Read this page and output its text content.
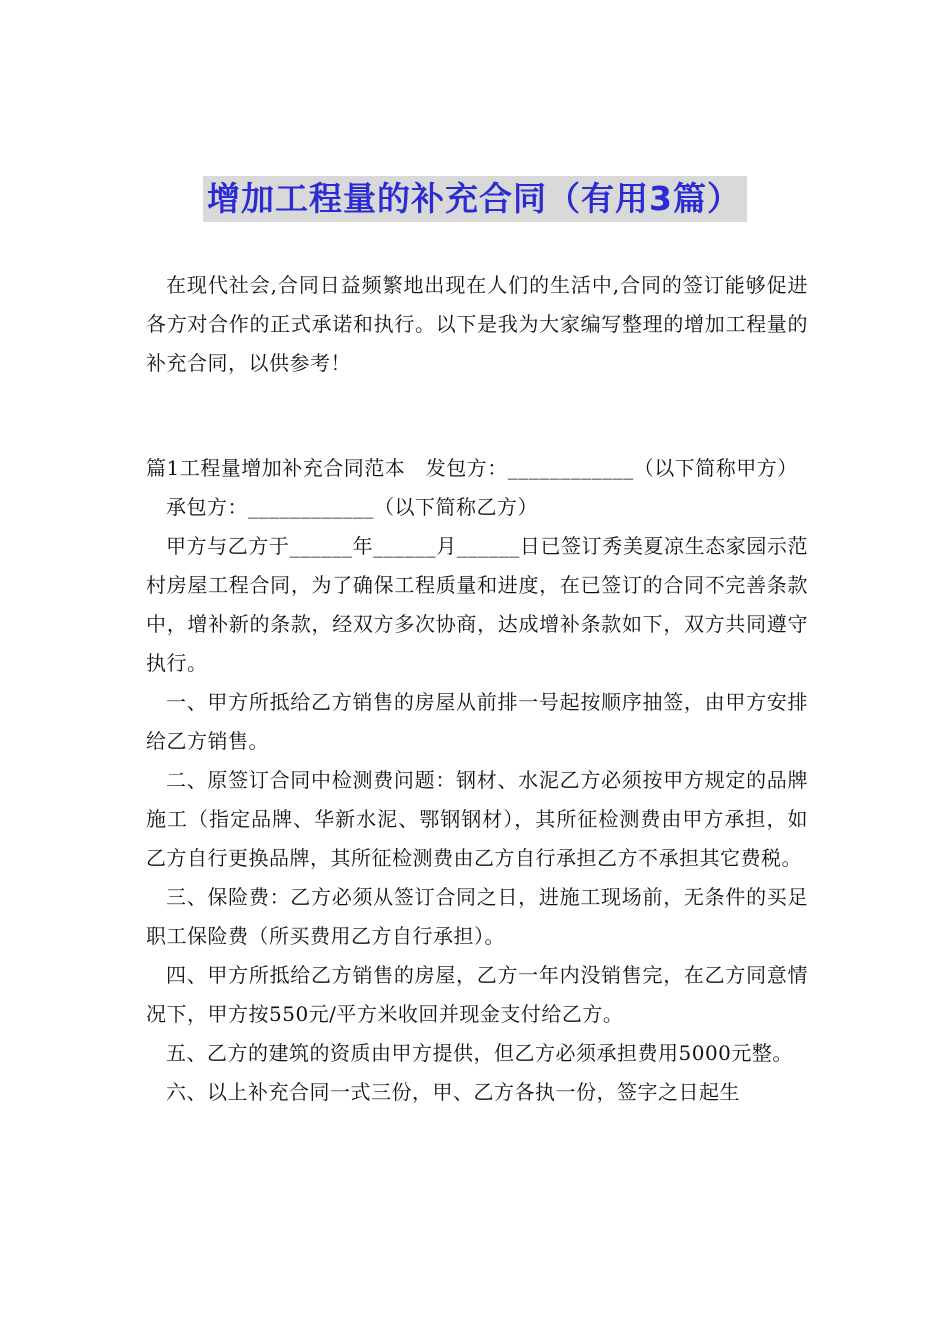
增加工程量的补充合同（有用3篇）

在现代社会,合同日益频繁地出现在人们的生活中,合同的签订能够促进各方对合作的正式承诺和执行。以下是我为大家编写整理的增加工程量的补充合同，以供参考！

篇1工程量增加补充合同范本　发包方：____________（以下简称甲方）

承包方：____________（以下简称乙方）

甲方与乙方于______年______月______日已签订秀美夏凉生态家园示范村房屋工程合同，为了确保工程质量和进度，在已签订的合同不完善条款中，增补新的条款，经双方多次协商，达成增补条款如下，双方共同遵守执行。

一、甲方所抵给乙方销售的房屋从前排一号起按顺序抽签，由甲方安排给乙方销售。

二、原签订合同中检测费问题：钢材、水泥乙方必须按甲方规定的品牌施工（指定品牌、华新水泥、鄂钢钢材），其所征检测费由甲方承担，如乙方自行更换品牌，其所征检测费由乙方自行承担乙方不承担其它费税。

三、保险费：乙方必须从签订合同之日，进施工现场前，无条件的买足职工保险费（所买费用乙方自行承担）。

四、甲方所抵给乙方销售的房屋，乙方一年内没销售完，在乙方同意情况下，甲方按550元/平方米收回并现金支付给乙方。

五、乙方的建筑的资质由甲方提供，但乙方必须承担费用5000元整。

六、以上补充合同一式三份，甲、乙方各执一份，签字之日起生
